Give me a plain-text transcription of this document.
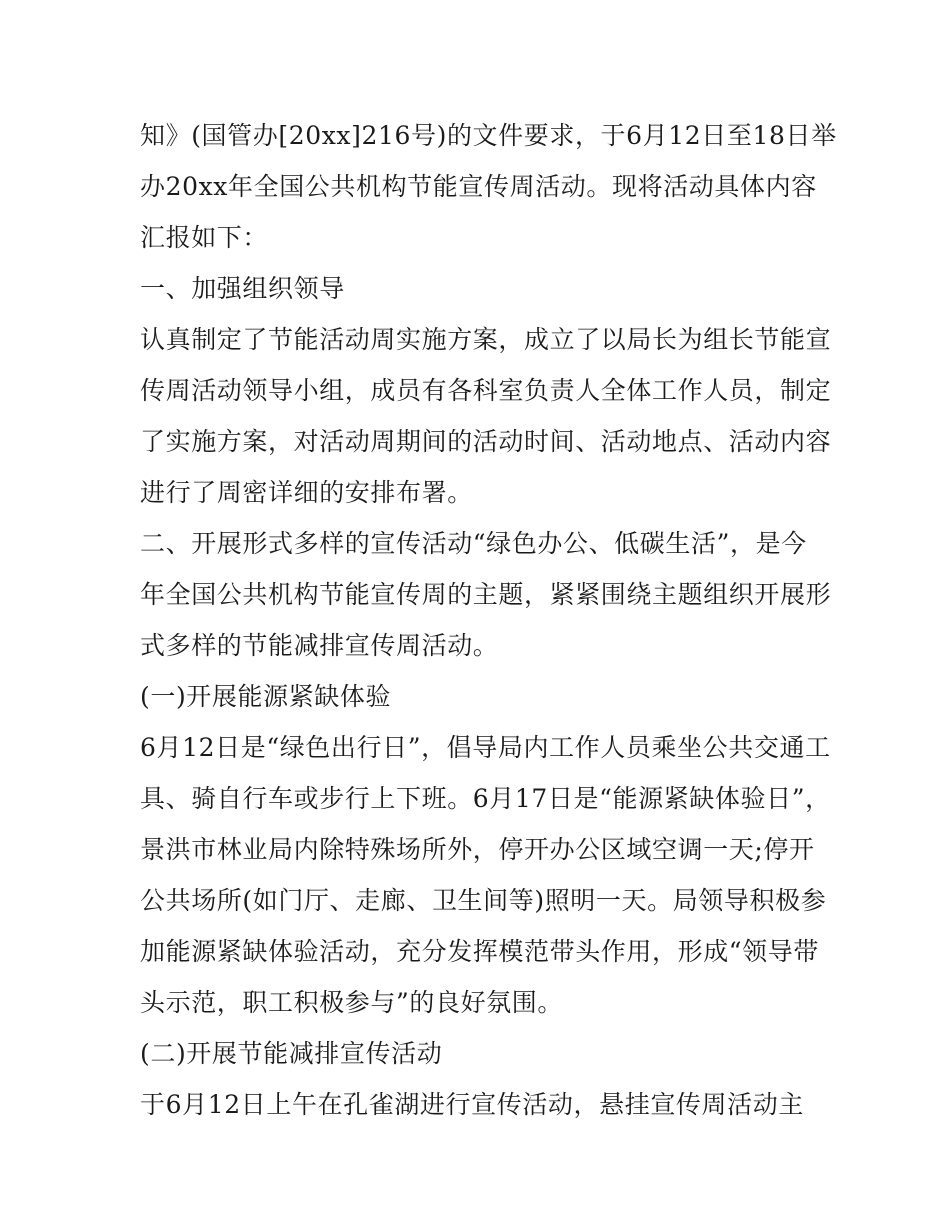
知》(国管办[20xx]216号)的文件要求，于6月12日至18日举
办20xx年全国公共机构节能宣传周活动。现将活动具体内容
汇报如下：
一、加强组织领导
认真制定了节能活动周实施方案，成立了以局长为组长节能宣
传周活动领导小组，成员有各科室负责人全体工作人员，制定
了实施方案，对活动周期间的活动时间、活动地点、活动内容
进行了周密详细的安排布署。
二、开展形式多样的宣传活动“绿色办公、低碳生活”，是今
年全国公共机构节能宣传周的主题，紧紧围绕主题组织开展形
式多样的节能减排宣传周活动。
(一)开展能源紧缺体验
6月12日是“绿色出行日”，倡导局内工作人员乘坐公共交通工
具、骑自行车或步行上下班。6月17日是“能源紧缺体验日”，
景洪市林业局内除特殊场所外，停开办公区域空调一天;停开
公共场所(如门厅、走廊、卫生间等)照明一天。局领导积极参
加能源紧缺体验活动，充分发挥模范带头作用，形成“领导带
头示范，职工积极参与”的良好氛围。
(二)开展节能减排宣传活动
于6月12日上午在孔雀湖进行宣传活动，悬挂宣传周活动主
